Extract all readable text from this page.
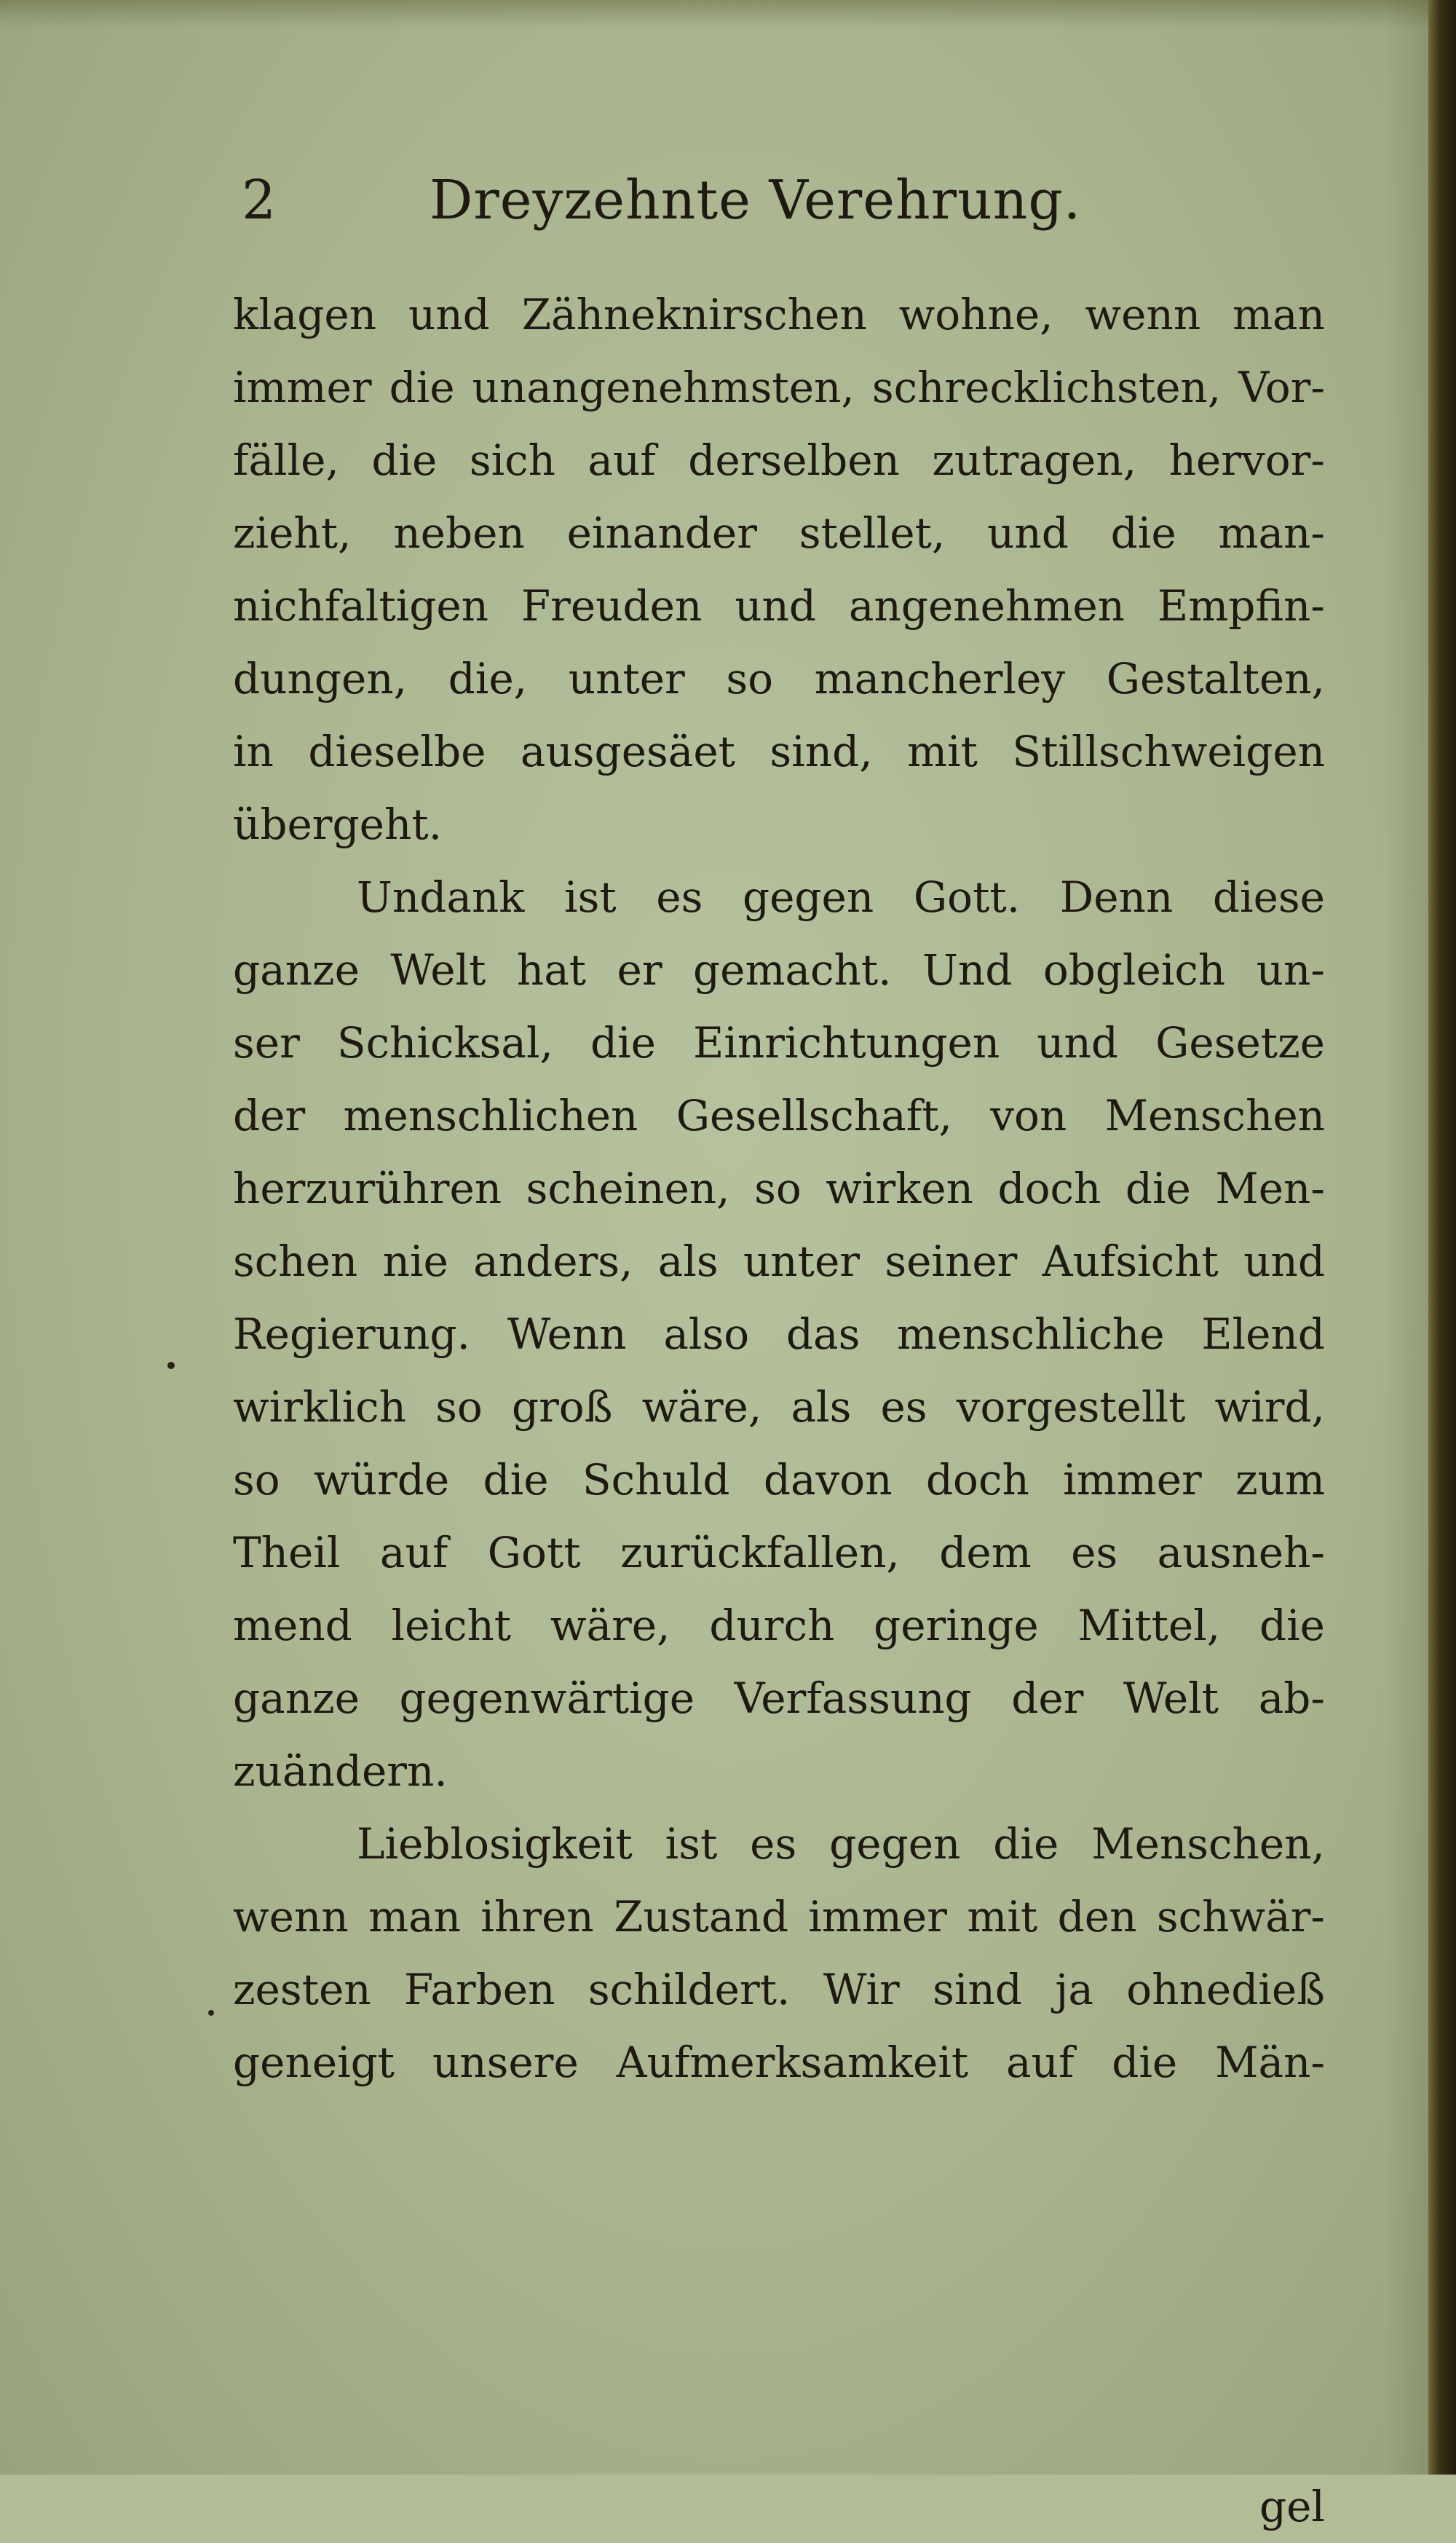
2	Dreyzehnte Verehrung.
klagen und Zähneknirschen wohne, wenn man
immer die unangenehmsten, schrecklichsten, Vor-
fälle, die sich auf derselben zutragen, hervor-
zieht, neben einander stellet, und die man-
nichfaltigen Freuden und angenehmen Empfin-
dungen, die, unter so mancherley Gestalten,
in dieselbe ausgesäet sind, mit Stillschweigen
übergeht.
Undank ist es gegen Gott. Denn diese
ganze Welt hat er gemacht. Und obgleich un-
ser Schicksal, die Einrichtungen und Gesetze
der menschlichen Gesellschaft, von Menschen
herzurühren scheinen, so wirken doch die Men-
schen nie anders, als unter seiner Aufsicht und
Regierung. Wenn also das menschliche Elend
wirklich so groß wäre, als es vorgestellt wird,
so würde die Schuld davon doch immer zum
Theil auf Gott zurückfallen, dem es ausneh-
mend leicht wäre, durch geringe Mittel, die
ganze gegenwärtige Verfassung der Welt ab-
zuändern.
Lieblosigkeit ist es gegen die Menschen,
wenn man ihren Zustand immer mit den schwär-
zesten Farben schildert. Wir sind ja ohnedieß
geneigt unsere Aufmerksamkeit auf die Män-
gel
